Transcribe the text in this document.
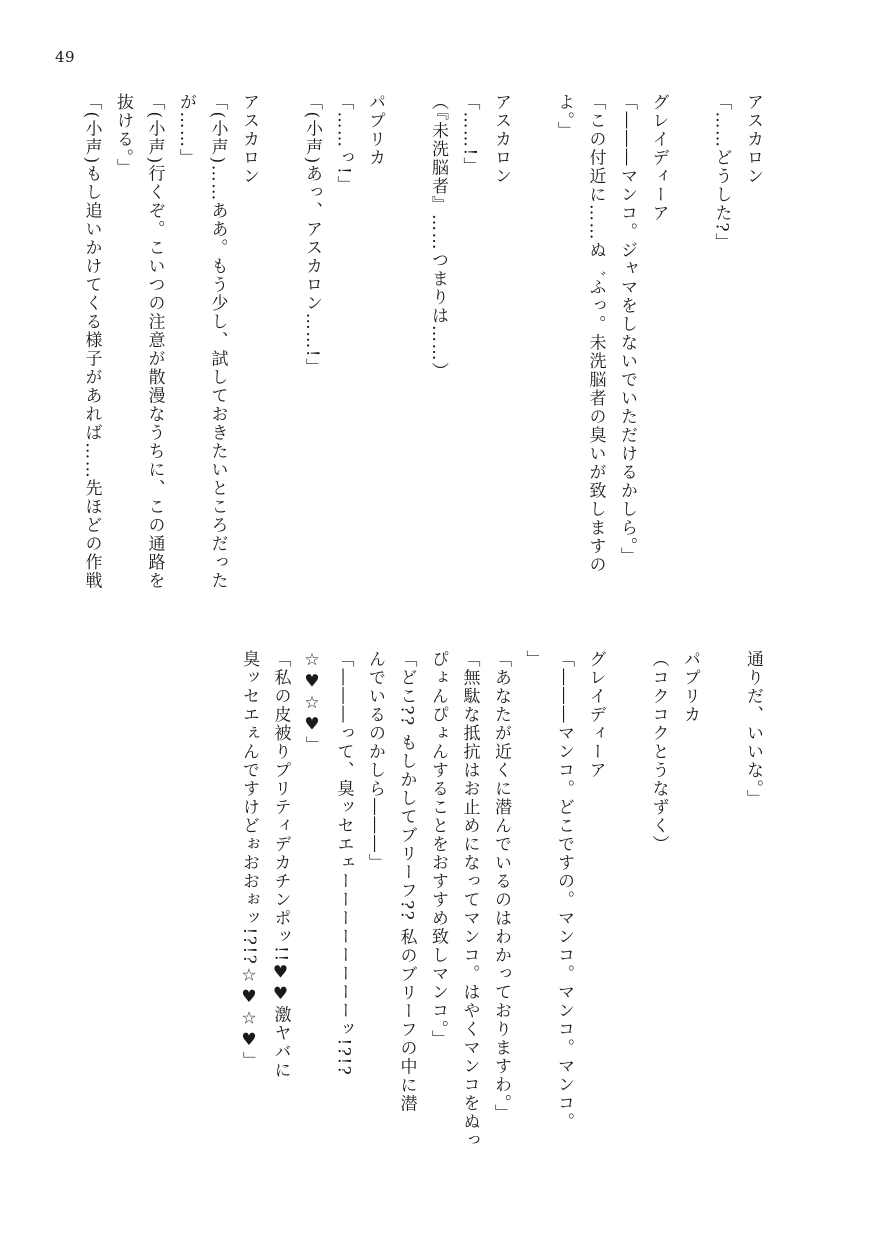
49
アスカロン
「……どうした?」

グレイディーア
「―――マンコ。ジャマをしないでいただけるかしら。」
「この付近に……ぬ゛ふっ。未洗脳者の臭いが致しますの
よ。」

アスカロン
「……!」
（『未洗脳者』……つまりは……）

パプリカ
「……っ!」
「(小声)あっ、アスカロン……!」

アスカロン
「(小声)……ああ。もう少し、試しておきたいところだった
が……」
「(小声)行くぞ。こいつの注意が散漫なうちに、この通路を
抜ける。」
「(小声)もし追いかけてくる様子があれば……先ほどの作戦
通りだ、いいな。」

パプリカ
（コクコクとうなずく）

グレイディーア
「―――マンコ。どこですの。マンコ。マンコ。マンコ。
」
「あなたが近くに潜んでいるのはわかっておりますわ。」
「無駄な抵抗はお止めになってマンコ。はやくマンコをぬっ
ぴょんぴょんすることをおすすめ致しマンコ。」
「どこ?? もしかしてブリーフ?? 私のブリーフの中に潜
んでいるのかしら―――」
「―――って、臭ッセエェーーーーーーーーッ!?!?
☆♥☆♥」
「私の皮被りプリティデカチンポッ!!♥♥激ヤバに
臭ッセエぇんですけどぉおおぉッ!?!?☆♥☆♥」
